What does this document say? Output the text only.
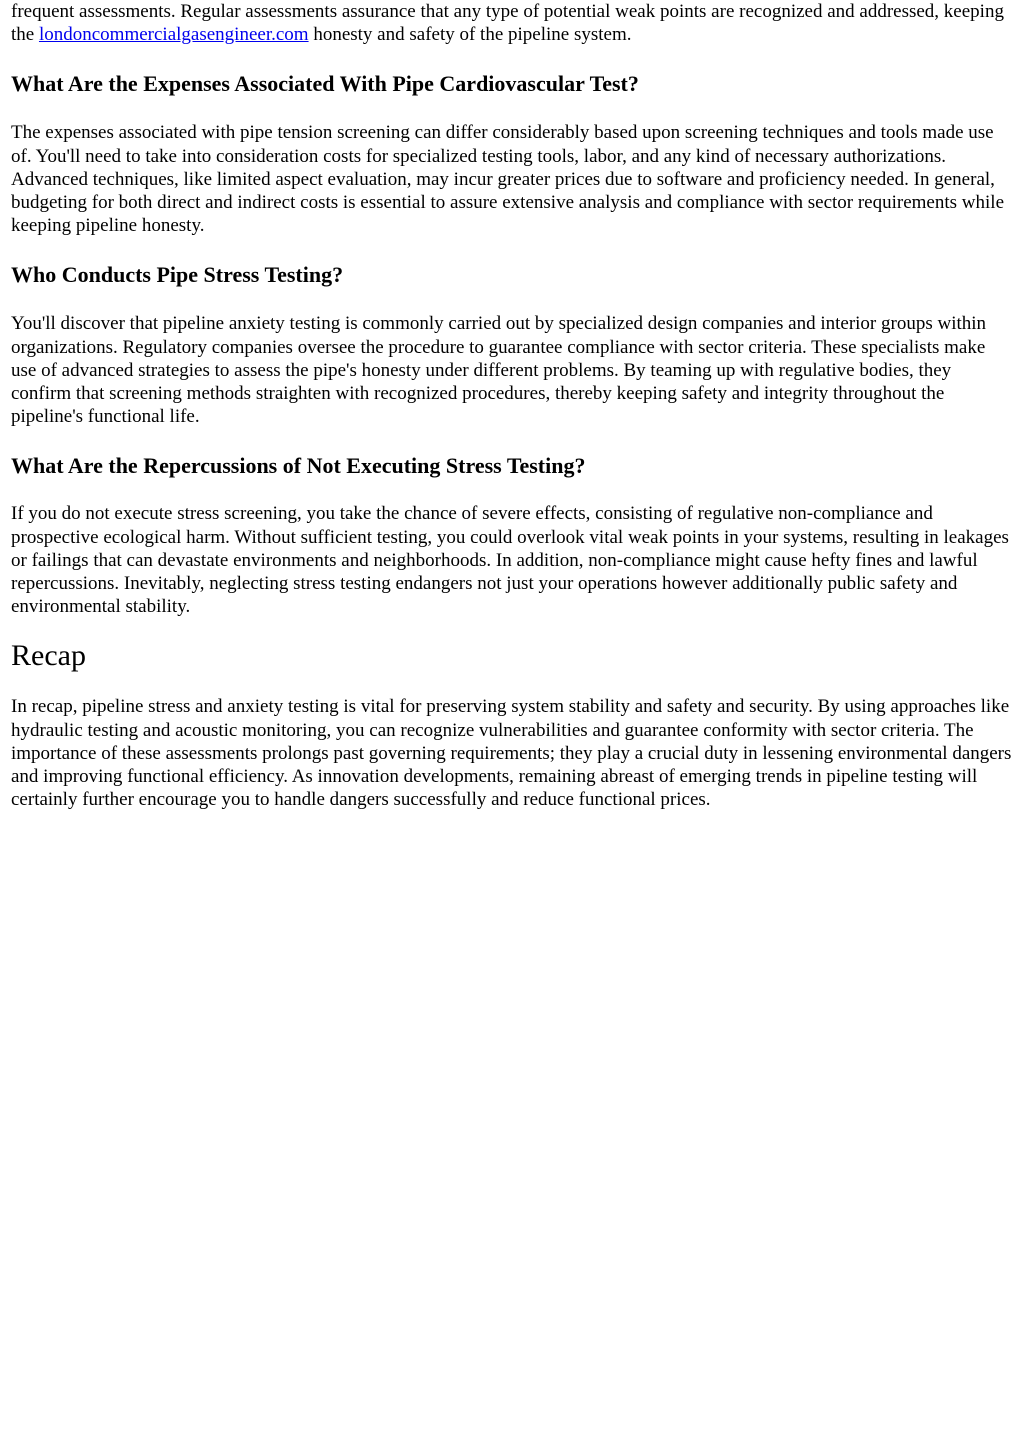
frequent assessments. Regular assessments assurance that any type of potential weak points are recognized and addressed, keeping the londoncommercialgasengineer.com honesty and safety of the pipeline system.

What Are the Expenses Associated With Pipe Cardiovascular Test?

The expenses associated with pipe tension screening can differ considerably based upon screening techniques and tools made use of. You'll need to take into consideration costs for specialized testing tools, labor, and any kind of necessary authorizations. Advanced techniques, like limited aspect evaluation, may incur greater prices due to software and proficiency needed. In general, budgeting for both direct and indirect costs is essential to assure extensive analysis and compliance with sector requirements while keeping pipeline honesty.

Who Conducts Pipe Stress Testing?

You'll discover that pipeline anxiety testing is commonly carried out by specialized design companies and interior groups within organizations. Regulatory companies oversee the procedure to guarantee compliance with sector criteria. These specialists make use of advanced strategies to assess the pipe's honesty under different problems. By teaming up with regulative bodies, they confirm that screening methods straighten with recognized procedures, thereby keeping safety and integrity throughout the pipeline's functional life.

What Are the Repercussions of Not Executing Stress Testing?

If you do not execute stress screening, you take the chance of severe effects, consisting of regulative non-compliance and prospective ecological harm. Without sufficient testing, you could overlook vital weak points in your systems, resulting in leakages or failings that can devastate environments and neighborhoods. In addition, non-compliance might cause hefty fines and lawful repercussions. Inevitably, neglecting stress testing endangers not just your operations however additionally public safety and environmental stability.

Recap

In recap, pipeline stress and anxiety testing is vital for preserving system stability and safety and security. By using approaches like hydraulic testing and acoustic monitoring, you can recognize vulnerabilities and guarantee conformity with sector criteria. The importance of these assessments prolongs past governing requirements; they play a crucial duty in lessening environmental dangers and improving functional efficiency. As innovation developments, remaining abreast of emerging trends in pipeline testing will certainly further encourage you to handle dangers successfully and reduce functional prices.
